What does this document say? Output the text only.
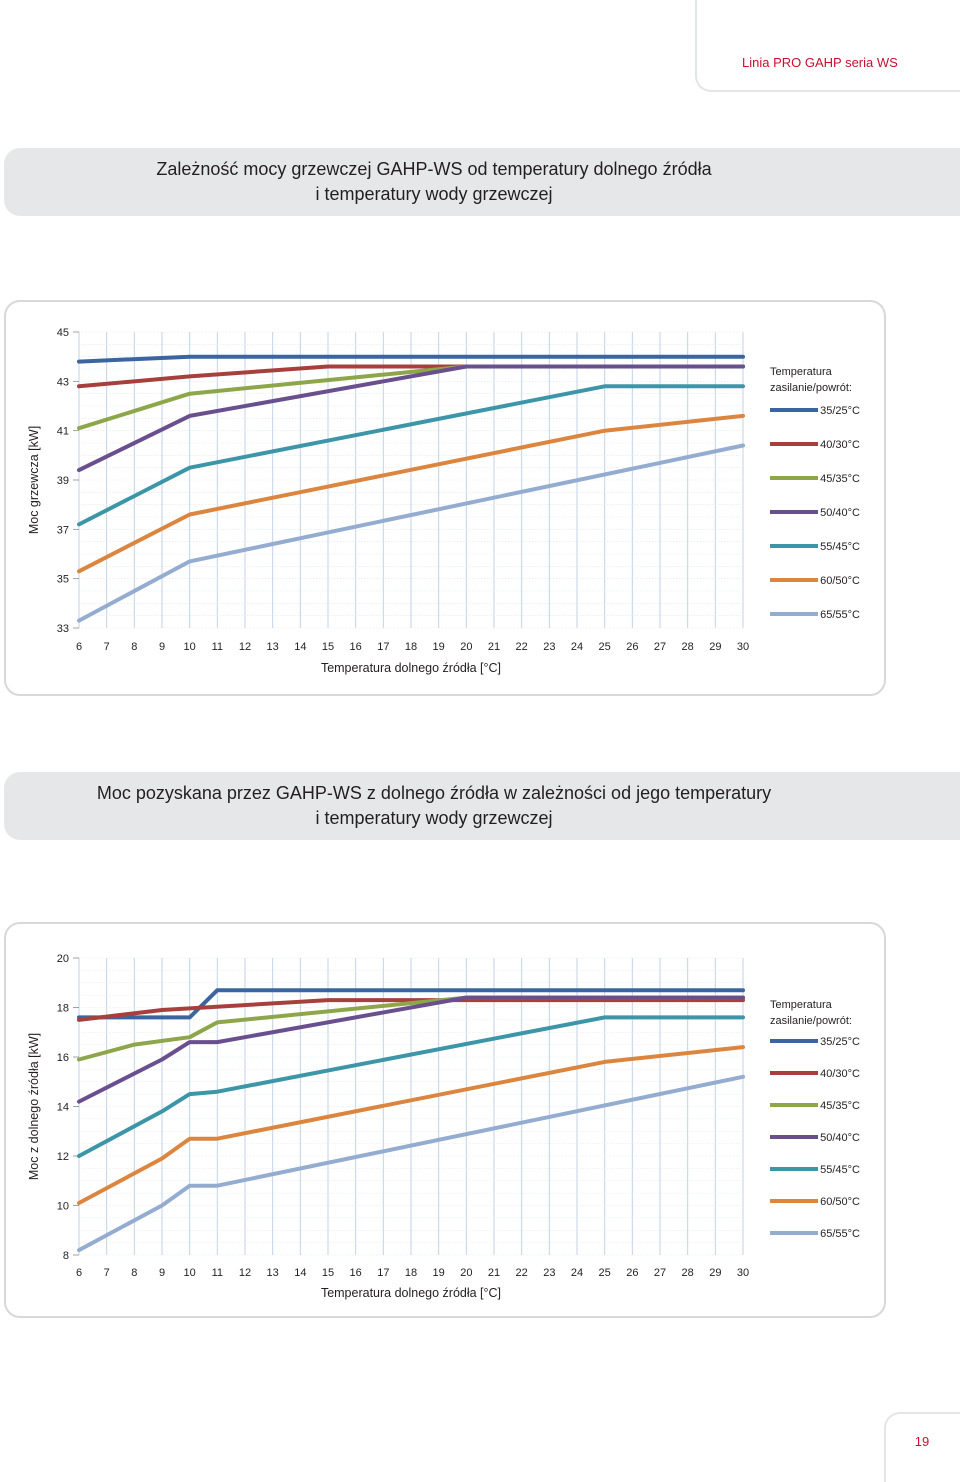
Linia PRO GAHP seria WS
Zależność mocy grzewczej GAHP-WS od temperatury dolnego źródła
i temperatury wody grzewczej
33
35
37
39
41
43
45
6 7 8 9 10 11 12 13 14 15 16 17 18 19 20 21 22 23 24 25 26 27 28 29 30
Temperatura dolnego źródła [°C]
Moc grzewcza [kW]
Temperatura
zasilanie/powrót:
35/25°C
40/30°C
45/35°C
50/40°C
55/45°C
60/50°C
65/55°C
Moc pozyskana przez GAHP-WS z dolnego źródła w zależności od jego temperatury
i temperatury wody grzewczej
8
10
12
14
16
18
20
6 7 8 9 10 11 12 13 14 15 16 17 18 19 20 21 22 23 24 25 26 27 28 29 30
Temperatura dolnego źródła [°C]
Moc z dolnego źródła [kW]
Temperatura
zasilanie/powrót:
35/25°C
40/30°C
45/35°C
50/40°C
55/45°C
60/50°C
65/55°C
19
